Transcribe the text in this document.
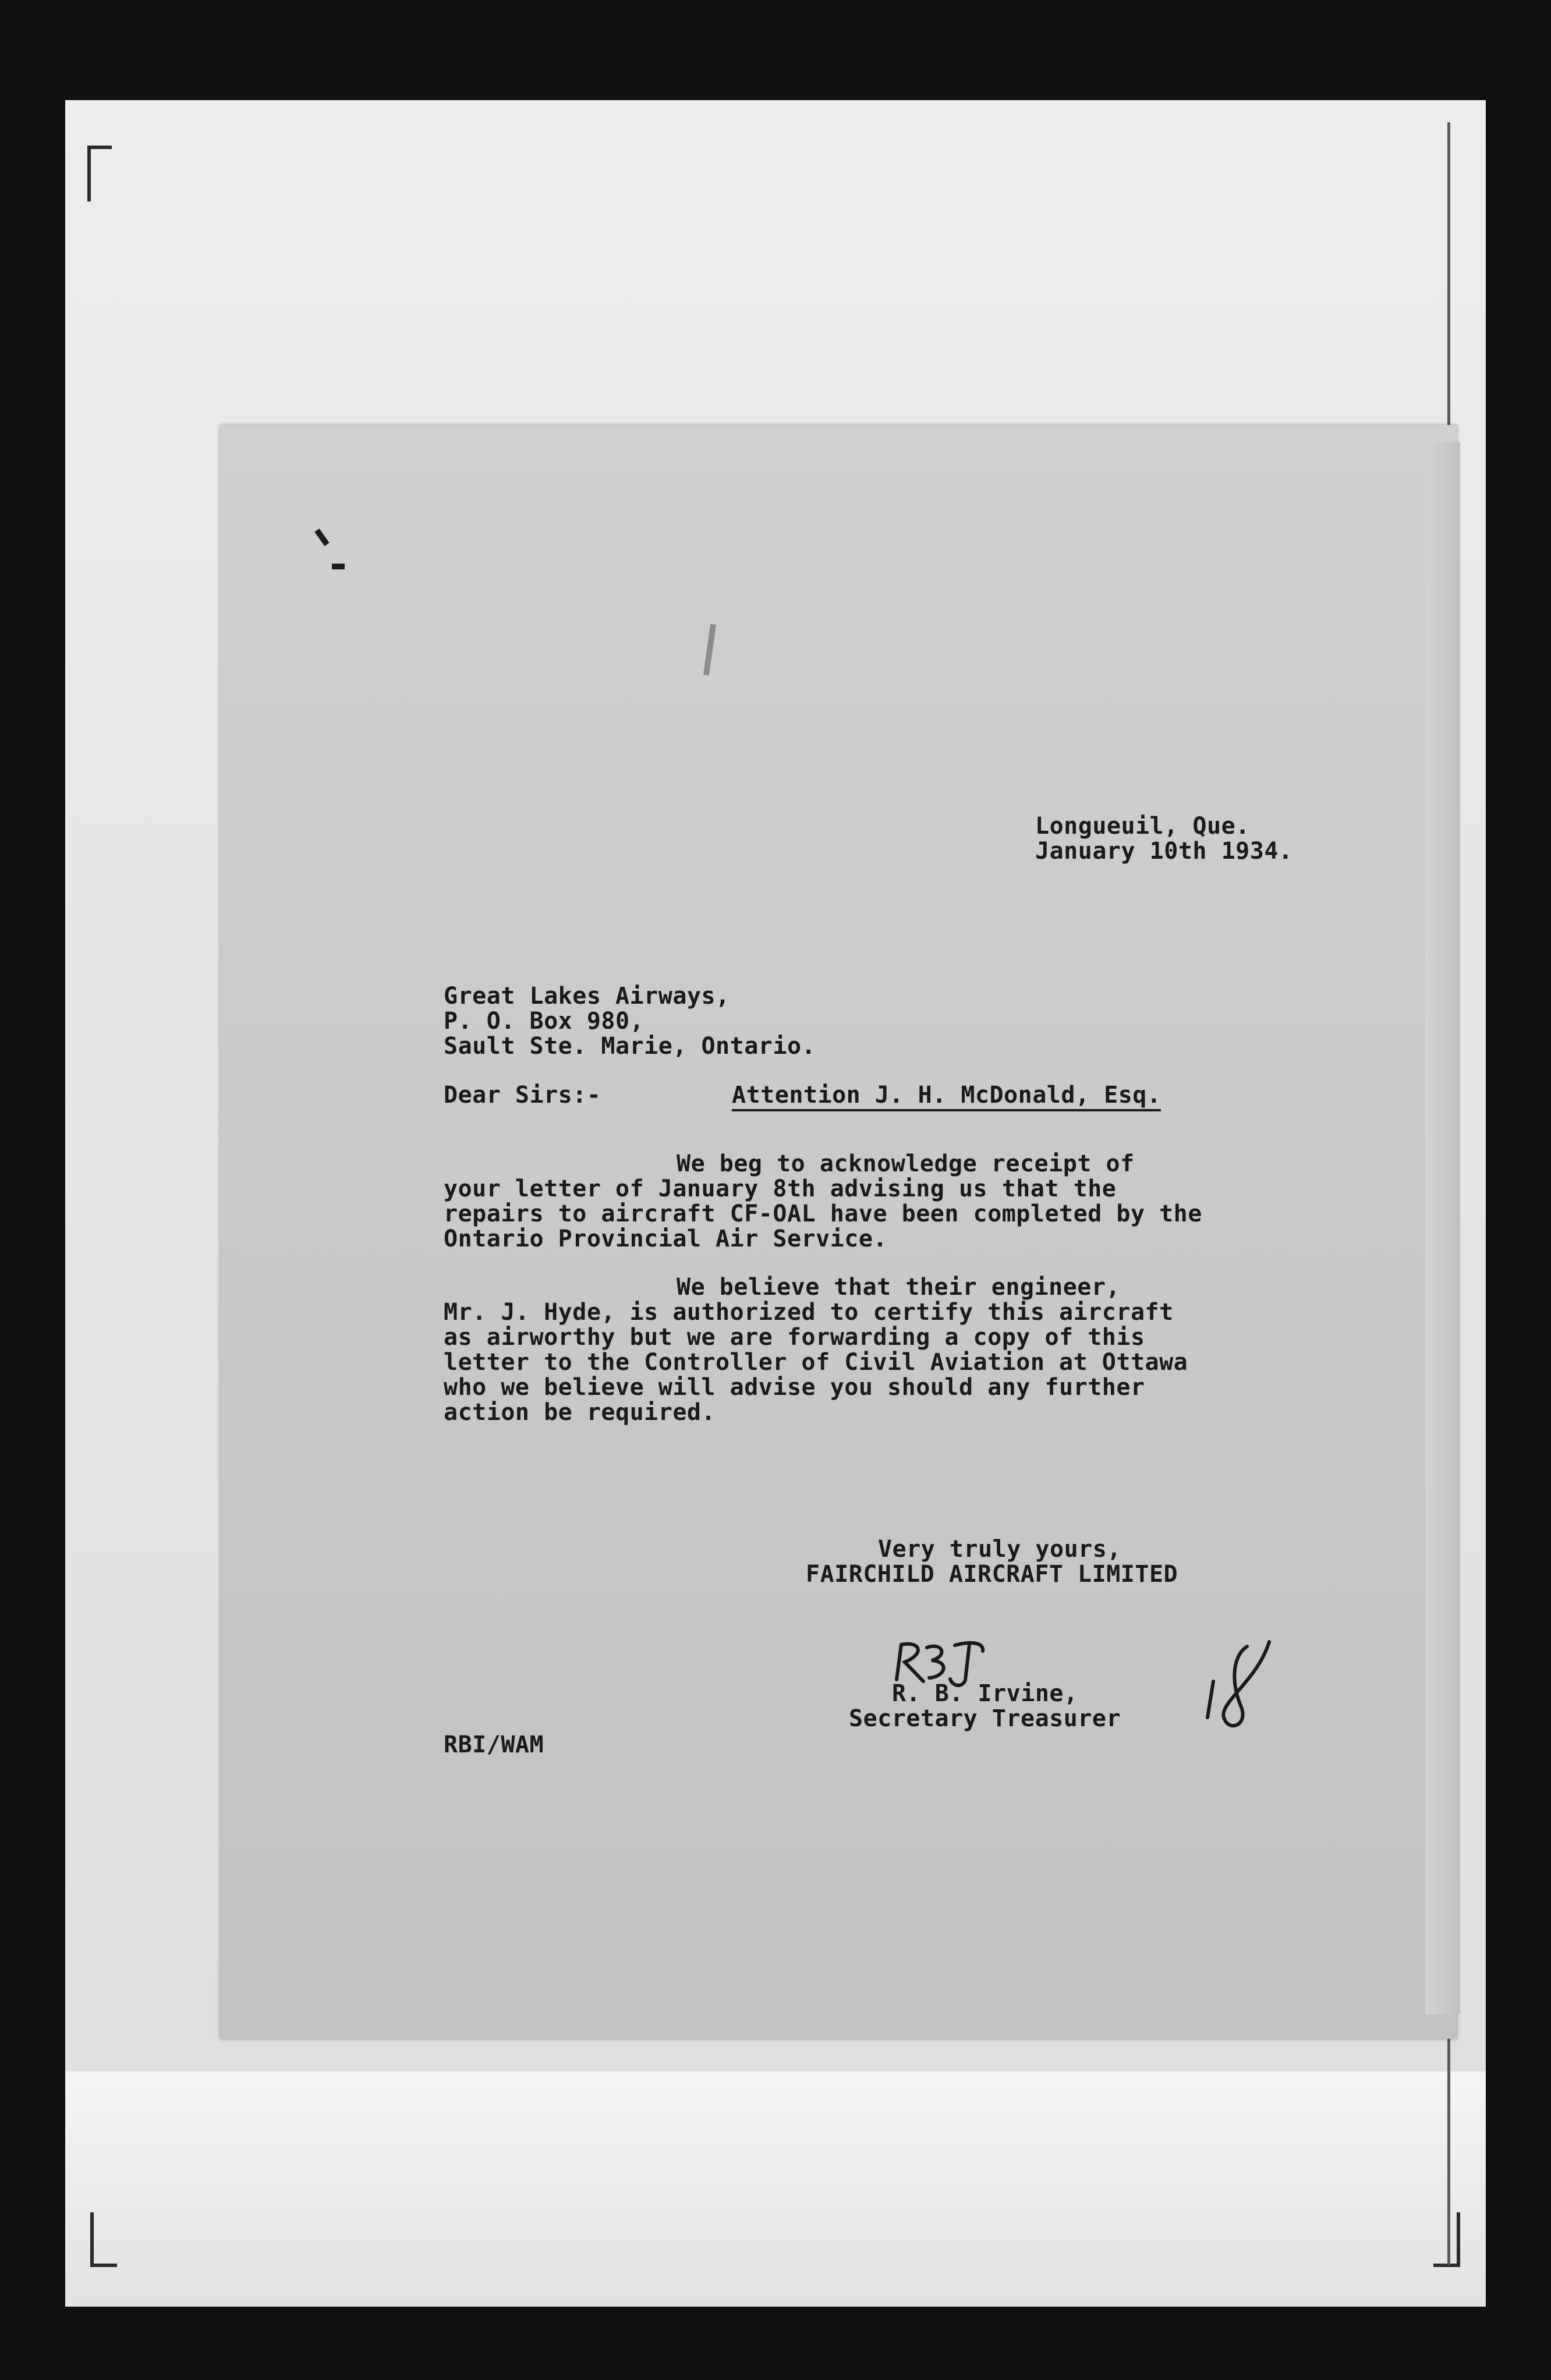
Longueuil, Que.
January 10th 1934.
Great Lakes Airways,
P. O. Box 980,
Sault Ste. Marie, Ontario.
Dear Sirs:-	Attention J. H. McDonald, Esq.
We beg to acknowledge receipt of
your letter of January 8th advising us that the
repairs to aircraft CF-OAL have been completed by the
Ontario Provincial Air Service.
We believe that their engineer,
Mr. J. Hyde, is authorized to certify this aircraft
as airworthy but we are forwarding a copy of this
letter to the Controller of Civil Aviation at Ottawa
who we believe will advise you should any further
action be required.
Very truly yours,
FAIRCHILD AIRCRAFT LIMITED
R. B. Irvine,
Secretary Treasurer
RBI/WAM
